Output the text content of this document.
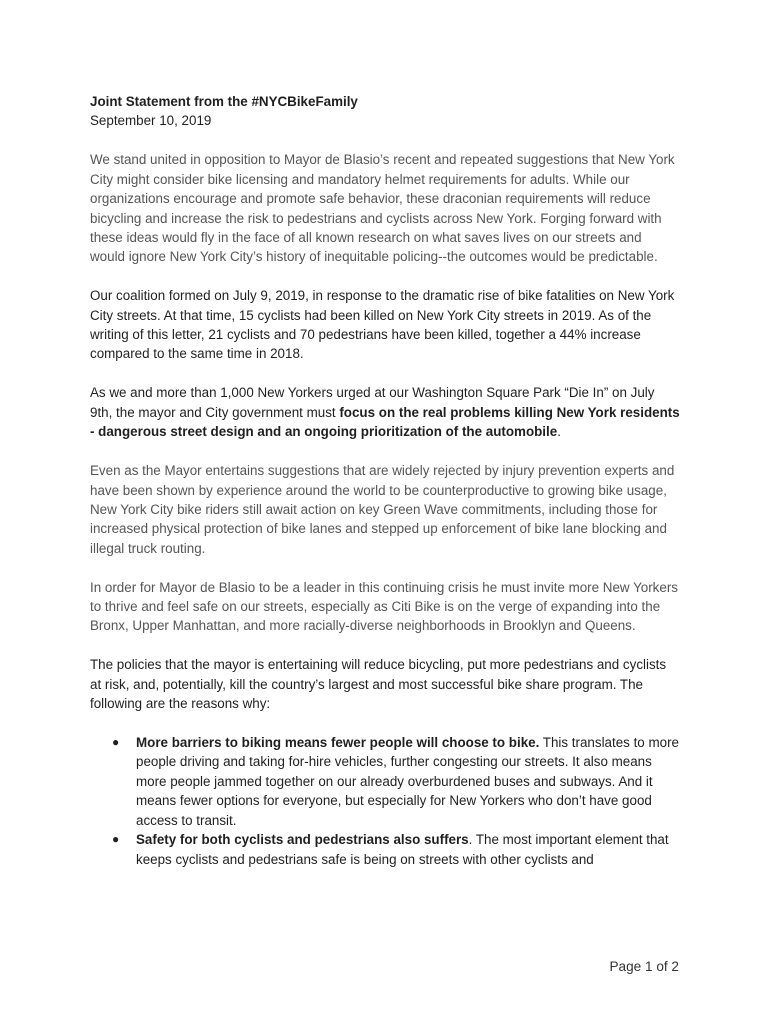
Joint Statement from the #NYCBikeFamily

September 10, 2019

We stand united in opposition to Mayor de Blasio’s recent and repeated suggestions that New York City might consider bike licensing and mandatory helmet requirements for adults. While our organizations encourage and promote safe behavior, these draconian requirements will reduce bicycling and increase the risk to pedestrians and cyclists across New York. Forging forward with these ideas would fly in the face of all known research on what saves lives on our streets and would ignore New York City’s history of inequitable policing--the outcomes would be predictable.

Our coalition formed on July 9, 2019, in response to the dramatic rise of bike fatalities on New York City streets. At that time, 15 cyclists had been killed on New York City streets in 2019. As of the writing of this letter, 21 cyclists and 70 pedestrians have been killed, together a 44% increase compared to the same time in 2018.

As we and more than 1,000 New Yorkers urged at our Washington Square Park “Die In” on July 9th, the mayor and City government must focus on the real problems killing New York residents - dangerous street design and an ongoing prioritization of the automobile.

Even as the Mayor entertains suggestions that are widely rejected by injury prevention experts and have been shown by experience around the world to be counterproductive to growing bike usage, New York City bike riders still await action on key Green Wave commitments, including those for increased physical protection of bike lanes and stepped up enforcement of bike lane blocking and illegal truck routing.

In order for Mayor de Blasio to be a leader in this continuing crisis he must invite more New Yorkers to thrive and feel safe on our streets, especially as Citi Bike is on the verge of expanding into the Bronx, Upper Manhattan, and more racially-diverse neighborhoods in Brooklyn and Queens.

The policies that the mayor is entertaining will reduce bicycling, put more pedestrians and cyclists at risk, and, potentially, kill the country’s largest and most successful bike share program. The following are the reasons why:

● More barriers to biking means fewer people will choose to bike. This translates to more people driving and taking for-hire vehicles, further congesting our streets. It also means more people jammed together on our already overburdened buses and subways. And it means fewer options for everyone, but especially for New Yorkers who don’t have good access to transit.
● Safety for both cyclists and pedestrians also suffers. The most important element that keeps cyclists and pedestrians safe is being on streets with other cyclists and
Page 1 of 2
